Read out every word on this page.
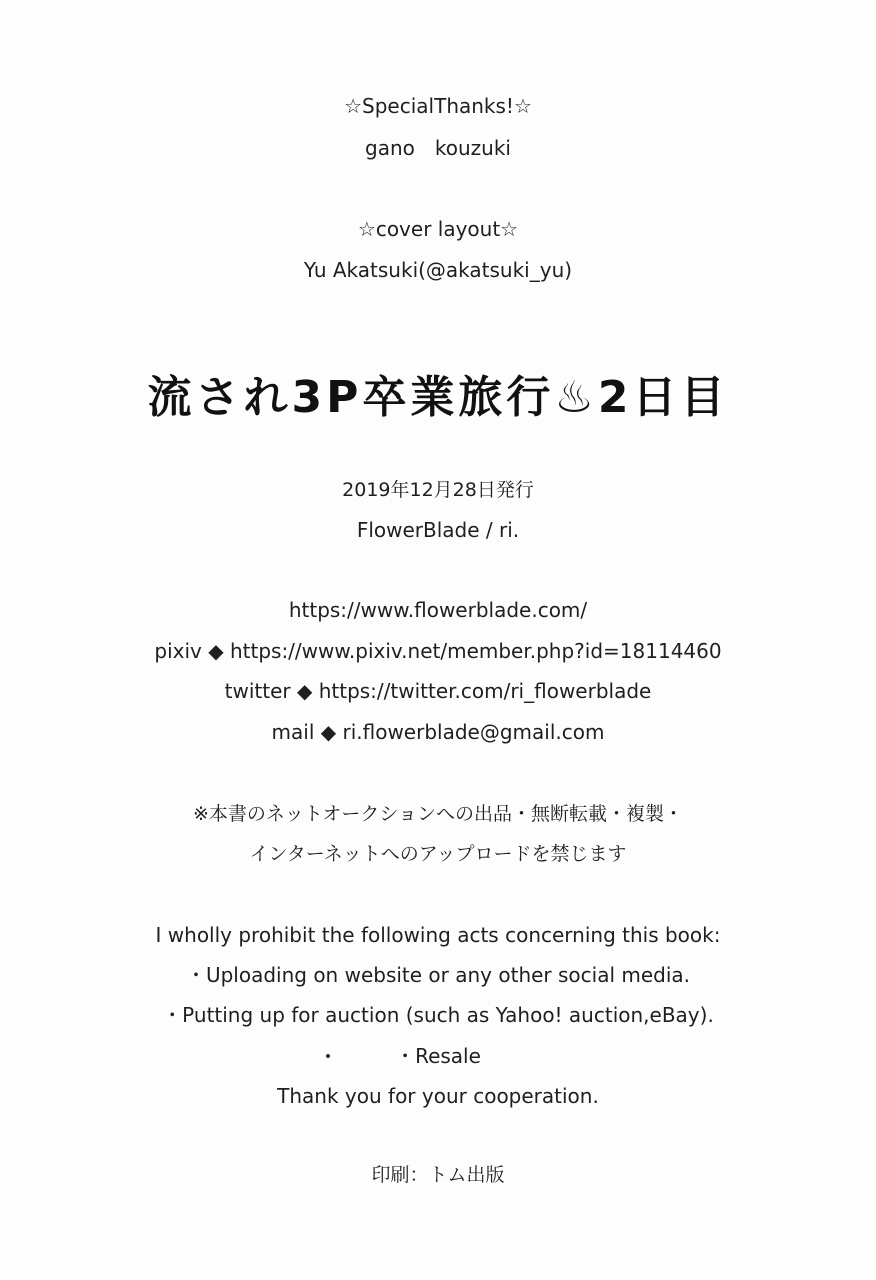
☆SpecialThanks!☆
gano　kouzuki
☆cover layout☆
Yu Akatsuki(@akatsuki_yu)
流され3P卒業旅行♨2日目
2019年12月28日発行
FlowerBlade / ri.
https://www.flowerblade.com/
pixiv ◆ https://www.pixiv.net/member.php?id=18114460
twitter ◆ https://twitter.com/ri_flowerblade
mail ◆ ri.flowerblade@gmail.com
※本書のネットオークションへの出品・無断転載・複製・
インターネットへのアップロードを禁じます
I wholly prohibit the following acts concerning this book:
・Uploading on website or any other social media.
・Putting up for auction (such as Yahoo! auction,eBay).
・Resale
Thank you for your cooperation.
印刷：トム出版
